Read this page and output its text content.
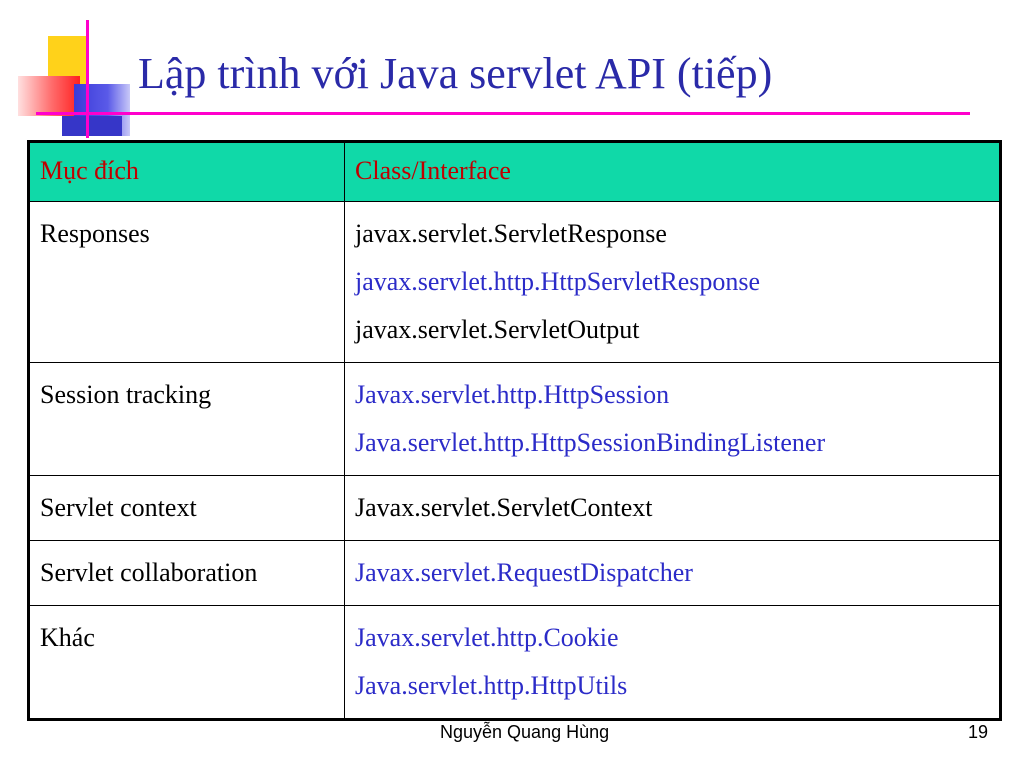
Lập trình với Java servlet API (tiếp)
Mục đích	Class/Interface
Responses	javax.servlet.ServletResponse
javax.servlet.http.HttpServletResponse
javax.servlet.ServletOutput

Session tracking	Javax.servlet.http.HttpSession
Java.servlet.http.HttpSessionBindingListener

Servlet context	Javax.servlet.ServletContext

Servlet collaboration	Javax.servlet.RequestDispatcher

Khác	Javax.servlet.http.Cookie
Java.servlet.http.HttpUtils
Nguyễn Quang Hùng	19
